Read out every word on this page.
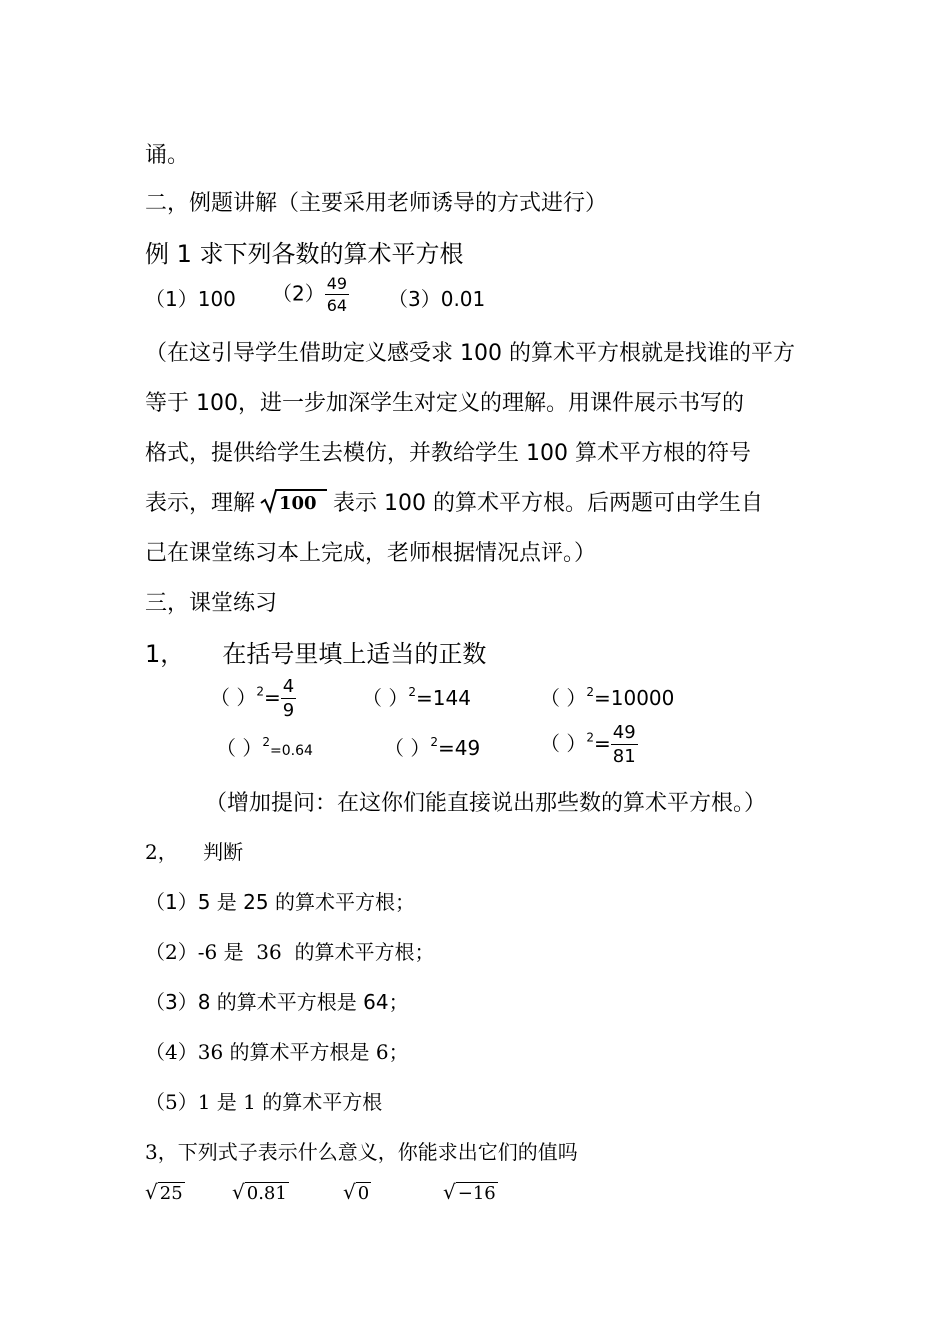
诵。
二，例题讲解（主要采用老师诱导的方式进行）
例 1 求下列各数的算术平方根
（1）100 $(2) \frac{49}{64} (3)0.01$
（在这引导学生借助定义感受求 100 的算术平方根就是找谁的平方
等于 100，进一步加深学生对定义的理解。用课件展示书写的
格式，提供给学生去模仿，并教给学生 100 算术平方根的符号
表示，理解 100 表示 100 的算术平方根。后两题可由学生自
己在课堂练习本上完成，老师根据情况点评。）
三，课堂练习
1，     在括号里填上适当的正数
（ ）$^2= \frac{4}{9}$	（ ）$^2$=144	（ ）$^2$=10000
（ ）$^2$=0.64	（ ）$^2$=49	（ ）$^2= \frac{49}{81}$
（增加提问：在这你们能直接说出那些数的算术平方根。）
2，    判断
（1）5 是 25 的算术平方根；
（2）-6 是  36  的算术平方根；
（3）8 的算术平方根是 64；
（4）36 的算术平方根是 6；
（5）1 是 1 的算术平方根
3，下列式子表示什么意义，你能求出它们的值吗
√ 25 √ 0.81	√ 0	√ −16
